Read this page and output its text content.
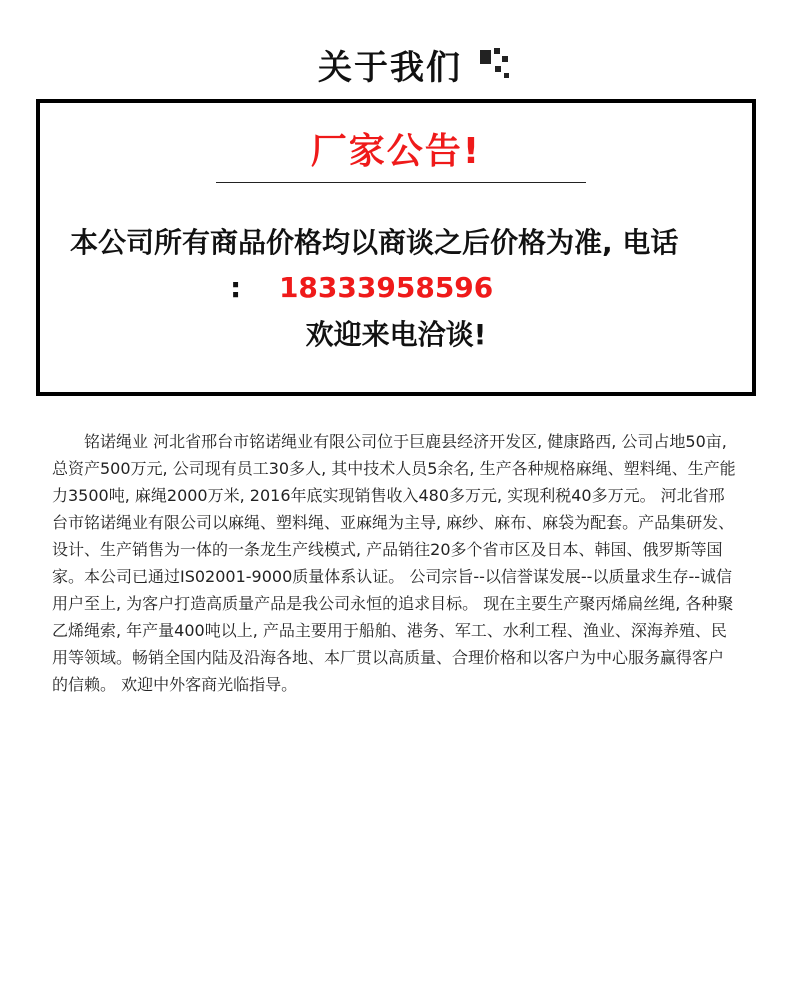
关于我们
厂家公告!
本公司所有商品价格均以商谈之后价格为准, 电话
: 18333958596
欢迎来电洽谈!
铭诺绳业 河北省邢台市铭诺绳业有限公司位于巨鹿县经济开发区, 健康路西, 公司占地50亩, 总资产500万元, 公司现有员工30多人, 其中技术人员5余名, 生产各种规格麻绳、塑料绳、生产能力3500吨, 麻绳2000万米, 2016年底实现销售收入480多万元, 实现利税40多万元。 河北省邢台市铭诺绳业有限公司以麻绳、塑料绳、亚麻绳为主导, 麻纱、麻布、麻袋为配套。产品集研发、设计、生产销售为一体的一条龙生产线模式, 产品销往20多个省市区及日本、韩国、俄罗斯等国家。本公司已通过IS02001-9000质量体系认证。 公司宗旨--以信誉谋发展--以质量求生存--诚信用户至上, 为客户打造高质量产品是我公司永恒的追求目标。 现在主要生产聚丙烯扁丝绳, 各种聚乙烯绳索, 年产量400吨以上, 产品主要用于船舶、港务、军工、水利工程、渔业、深海养殖、民用等领域。畅销全国内陆及沿海各地、本厂贯以高质量、合理价格和以客户为中心服务赢得客户的信赖。 欢迎中外客商光临指导。
